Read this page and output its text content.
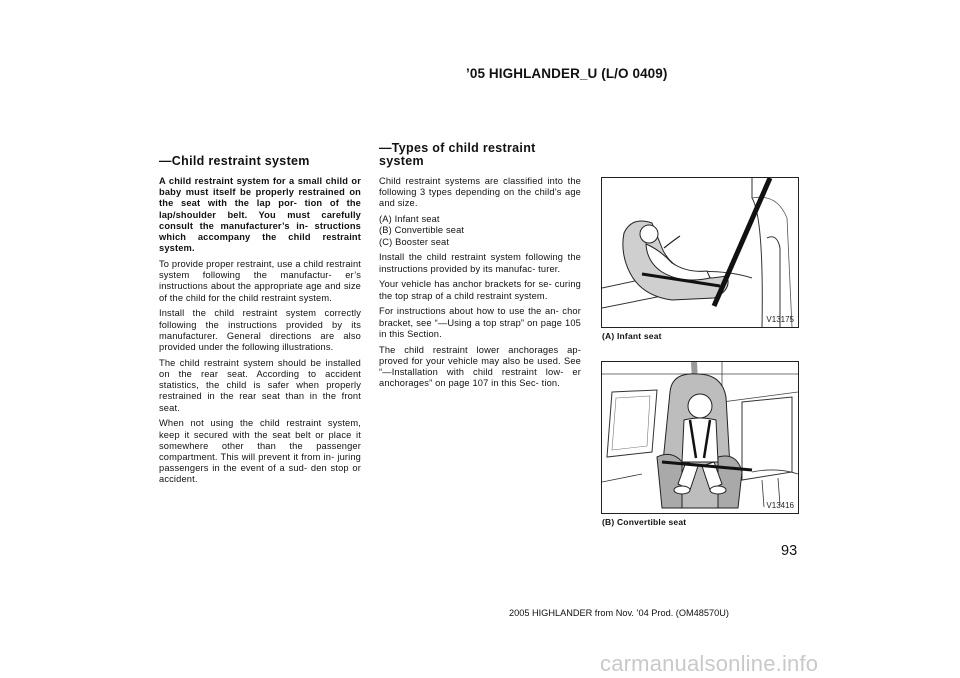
’05 HIGHLANDER_U (L/O 0409)
—Child restraint system

A child restraint system for a small child or baby must itself be properly restrained on the seat with the lap por- tion of the lap/shoulder belt. You must carefully consult the manufacturer’s in- structions which accompany the child restraint system.

To provide proper restraint, use a child restraint system following the manufactur- er’s instructions about the appropriate age and size of the child for the child restraint system.

Install the child restraint system correctly following the instructions provided by its manufacturer. General directions are also provided under the following illustrations.

The child restraint system should be installed on the rear seat. According to accident statistics, the child is safer when properly restrained in the rear seat than in the front seat.

When not using the child restraint system, keep it secured with the seat belt or place it somewhere other than the passenger compartment. This will prevent it from in- juring passengers in the event of a sud- den stop or accident.

—Types of child restraint
system

Child restraint systems are classified into the following 3 types depending on the child’s age and size.

(A) Infant seat
(B) Convertible seat
(C) Booster seat

Install the child restraint system following the instructions provided by its manufac- turer.

Your vehicle has anchor brackets for se- curing the top strap of a child restraint system.

For instructions about how to use the an- chor bracket, see “—Using a top strap” on page 105 in this Section.

The child restraint lower anchorages ap- proved for your vehicle may also be used. See “—Installation with child restraint low- er anchorages” on page 107 in this Sec- tion.

V13175
(A) Infant seat
V13416
(B) Convertible seat
93
2005 HIGHLANDER from Nov. ’04 Prod. (OM48570U)
carmanualsonline.info
